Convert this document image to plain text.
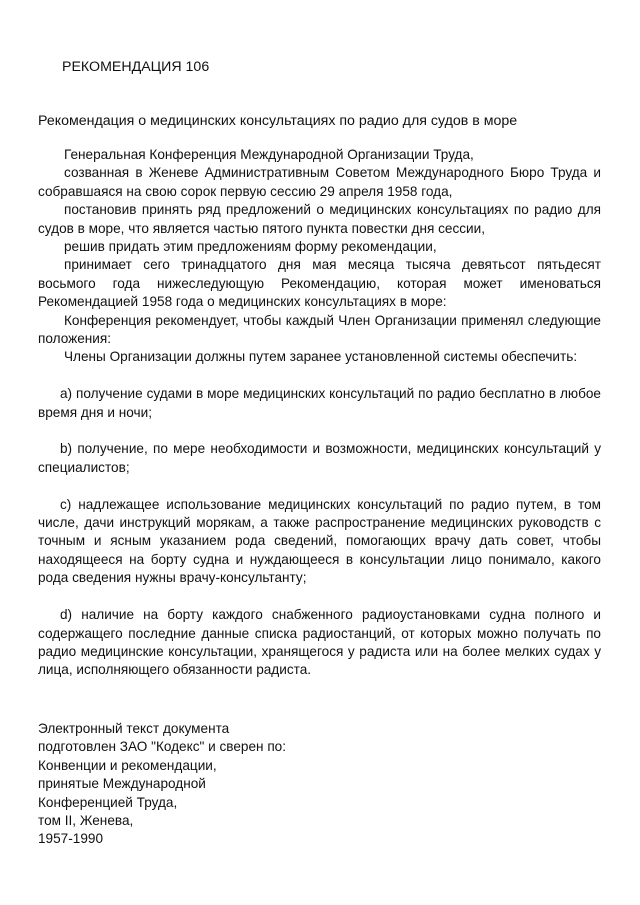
РЕКОМЕНДАЦИЯ 106
Рекомендация о медицинских консультациях по радио для судов в море

Генеральная Конференция Международной Организации Труда,

созванная в Женеве Административным Советом Международного Бюро Труда и собравшаяся на свою сорок первую сессию 29 апреля 1958 года,

постановив принять ряд предложений о медицинских консультациях по радио для судов в море, что является частью пятого пункта повестки дня сессии,

решив придать этим предложениям форму рекомендации,

принимает сего тринадцатого дня мая месяца тысяча девятьсот пятьдесят восьмого года нижеследующую Рекомендацию, которая может именоваться Рекомендацией 1958 года о медицинских консультациях в море:

Конференция рекомендует, чтобы каждый Член Организации применял следующие положения:

Члены Организации должны путем заранее установленной системы обеспечить:

a) получение судами в море медицинских консультаций по радио бесплатно в любое время дня и ночи;

b) получение, по мере необходимости и возможности, медицинских консультаций у специалистов;

c) надлежащее использование медицинских консультаций по радио путем, в том числе, дачи инструкций морякам, а также распространение медицинских руководств с точным и ясным указанием рода сведений, помогающих врачу дать совет, чтобы находящееся на борту судна и нуждающееся в консультации лицо понимало, какого рода сведения нужны врачу-консультанту;

d) наличие на борту каждого снабженного радиоустановками судна полного и содержащего последние данные списка радиостанций, от которых можно получать по радио медицинские консультации, хранящегося у радиста или на более мелких судах у лица, исполняющего обязанности радиста.

Электронный текст документа
подготовлен ЗАО "Кодекс" и сверен по:
Конвенции и рекомендации,
принятые Международной
Конференцией Труда,
том II, Женева,
1957-1990
